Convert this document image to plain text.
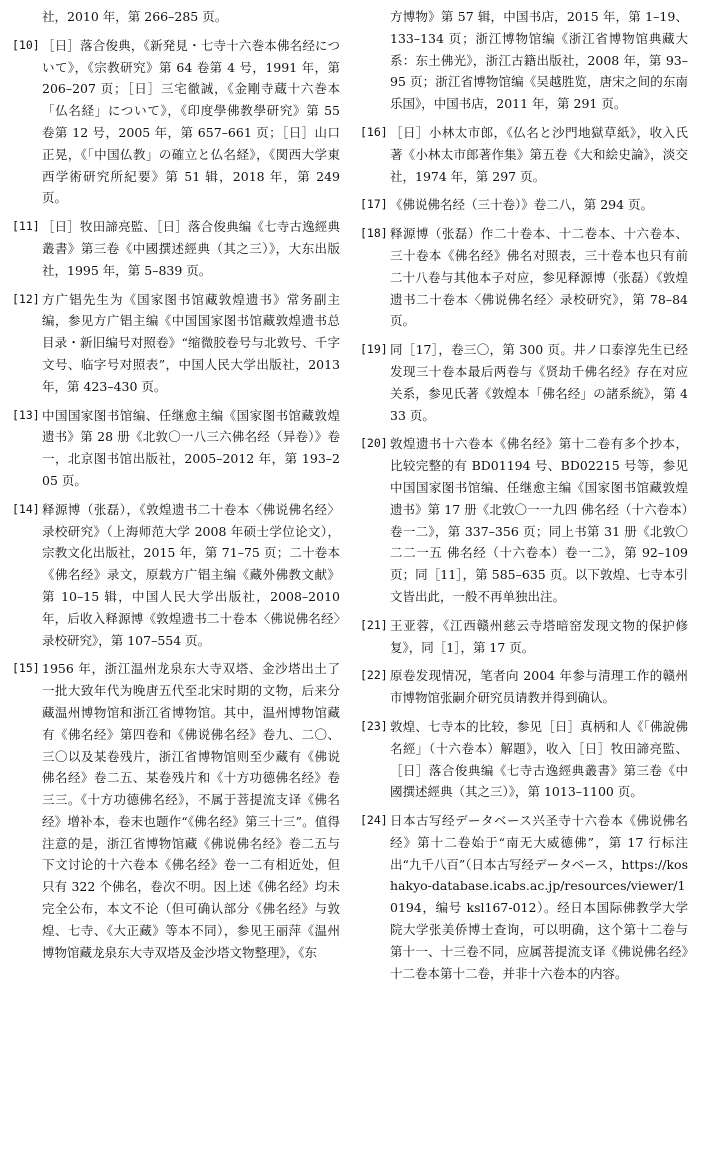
社，2010 年，第 266–285 页。
[10] ［日］落合俊典，《新発見・七寺十六巻本佛名经について》，《宗教研究》第 64 卷第 4 号，1991 年，第 206–207 页；［日］三宅徹誠，《金剛寺蔵十六巻本「仏名経」について》，《印度學佛教學研究》第 55 卷第 12 号，2005 年，第 657–661 页；［日］山口正晃，《「中国仏教」の確立と仏名経》，《関西大学東西学術研究所紀要》第 51 辑，2018 年，第 249 页。
[11] ［日］牧田諦亮監、［日］落合俊典编《七寺古逸經典叢書》第三卷《中國撰述經典（其之三）》，大东出版社，1995 年，第 5–839 页。
[12] 方广锠先生为《国家图书馆藏敦煌遗书》常务副主编，参见方广锠主编《中国国家图书馆藏敦煌遗书总目录・新旧编号对照卷》“缩微胶卷号与北敦号、千字文号、临字号对照表”，中国人民大学出版社，2013 年，第 423–430 页。
[13] 中国国家图书馆编、任继愈主编《国家图书馆藏敦煌遗书》第 28 册《北敦〇一八三六佛名经（异卷）》卷一，北京图书馆出版社，2005–2012 年，第 193–205 页。
[14] 释源博（张磊），《敦煌遗书二十卷本〈佛说佛名经〉录校研究》（上海师范大学 2008 年硕士学位论文），宗教文化出版社，2015 年，第 71–75 页；二十卷本《佛名经》录文，原载方广锠主编《藏外佛教文献》第 10–15 辑，中国人民大学出版社，2008–2010 年，后收入释源博《敦煌遗书二十卷本〈佛说佛名经〉录校研究》，第 107–554 页。
[15] 1956 年，浙江温州龙泉东大寺双塔、金沙塔出土了一批大致年代为晚唐五代至北宋时期的文物，后来分藏温州博物馆和浙江省博物馆。其中，温州博物馆藏有《佛名经》第四卷和《佛说佛名经》卷九、二〇、三〇以及某卷残片，浙江省博物馆则至少藏有《佛说佛名经》卷二五、某卷残片和《十方功德佛名经》卷三三。《十方功德佛名经》，不属于菩提流支译《佛名经》增补本，卷末也题作“《佛名经》第三十三”。值得注意的是，浙江省博物馆藏《佛说佛名经》卷二五与下文讨论的十六卷本《佛名经》卷一二有相近处，但只有 322 个佛名，卷次不明。因上述《佛名经》均未完全公布，本文不论（但可确认部分《佛名经》与敦煌、七寺、《大正藏》等本不同），参见王丽萍《温州博物馆藏龙泉东大寺双塔及金沙塔文物整理》，《东
方博物》第 57 辑，中国书店，2015 年，第 1–19、133–134 页；浙江博物馆编《浙江省博物馆典藏大系：东土佛光》，浙江古籍出版社，2008 年，第 93–95 页；浙江省博物馆编《吴越胜览，唐宋之间的东南乐国》，中国书店，2011 年，第 291 页。
[16] ［日］小林太市郎，《仏名と沙門地獄草紙》，收入氏著《小林太市郎著作集》第五卷《大和絵史論》，淡交社，1974 年，第 297 页。
[17] 《佛说佛名经（三十卷）》卷二八，第 294 页。
[18] 释源博（张磊）作二十卷本、十二卷本、十六卷本、三十卷本《佛名经》佛名对照表，三十卷本也只有前二十八卷与其他本子对应，参见释源博（张磊）《敦煌遗书二十卷本〈佛说佛名经〉录校研究》，第 78–84 页。
[19] 同［17］，卷三〇，第 300 页。井ノ口泰淳先生已经发现三十卷本最后两卷与《贤劫千佛名经》存在对应关系，参见氏著《敦煌本「佛名经」の諸系統》，第 433 页。
[20] 敦煌遗书十六卷本《佛名经》第十二卷有多个抄本，比较完整的有 BD01194 号、BD02215 号等，参见中国国家图书馆编、任继愈主编《国家图书馆藏敦煌遗书》第 17 册《北敦〇一一九四 佛名经（十六卷本）卷一二》，第 337–356 页；同上书第 31 册《北敦〇二二一五 佛名经（十六卷本）卷一二》，第 92–109 页；同［11］，第 585–635 页。以下敦煌、七寺本引文皆出此，一般不再单独出注。
[21] 王亚蓉，《江西赣州慈云寺塔暗窑发现文物的保护修复》，同［1］，第 17 页。
[22] 原卷发现情况，笔者向 2004 年参与清理工作的赣州市博物馆张嗣介研究员请教并得到确认。
[23] 敦煌、七寺本的比较，参见［日］真柄和人《「佛說佛名經」（十六卷本）解題》，收入［日］牧田諦亮監、［日］落合俊典编《七寺古逸經典叢書》第三卷《中國撰述經典（其之三）》，第 1013–1100 页。
[24] 日本古写经データベース兴圣寺十六卷本《佛说佛名经》第十二卷始于“南无大威德佛”，第 17 行标注出“九千八百”（日本古写经データベース，https://koshakyo-database.icabs.ac.jp/resources/viewer/10194，编号 ksl167-012）。经日本国际佛教学大学院大学张美侨博士查询，可以明确，这个第十二卷与第十一、十三卷不同，应属菩提流支译《佛说佛名经》十二卷本第十二卷，并非十六卷本的内容。
